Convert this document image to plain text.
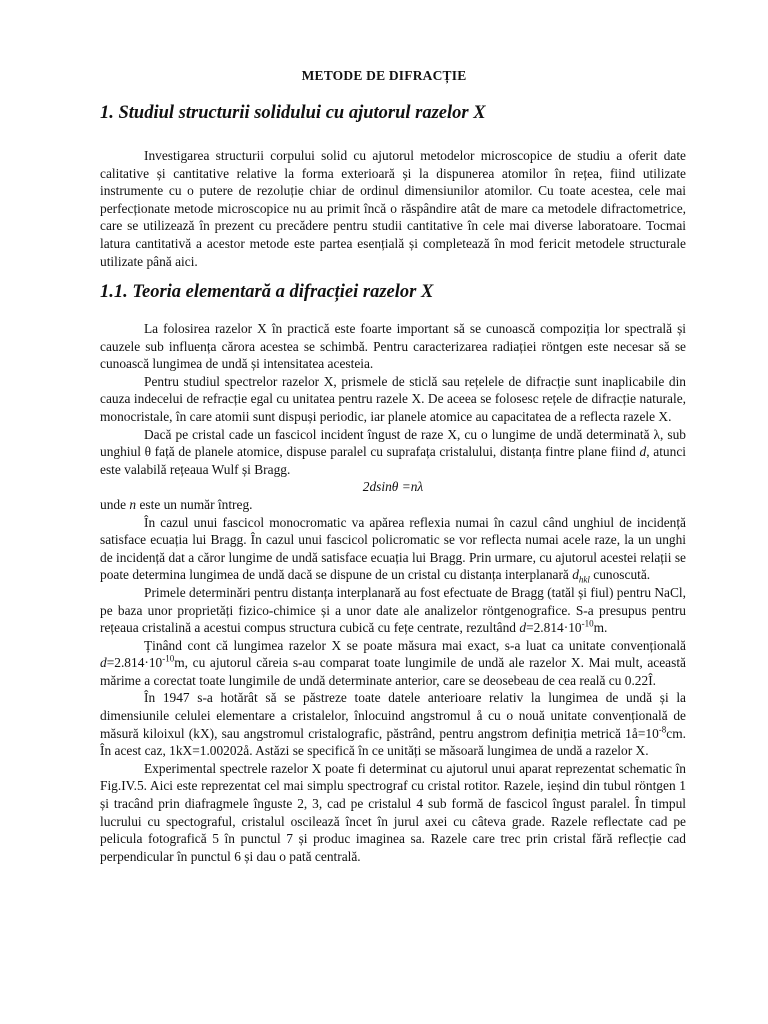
METODE DE DIFRACȚIE
1. Studiul structurii solidului cu ajutorul razelor X

Investigarea structurii corpului solid cu ajutorul metodelor microscopice de studiu a oferit date calitative și cantitative relative la forma exterioară și la dispunerea atomilor în rețea, fiind utilizate instrumente cu o putere de rezoluție chiar de ordinul dimensiunilor atomilor. Cu toate acestea, cele mai perfecționate metode microscopice nu au primit încă o răspândire atât de mare ca metodele difractometrice, care se utilizează în prezent cu precădere pentru studii cantitative în cele mai diverse laboratoare. Tocmai latura cantitativă a acestor metode este partea esențială și completează în mod fericit metodele structurale utilizate până aici.

1.1. Teoria elementară a difracției razelor X

La folosirea razelor X în practică este foarte important să se cunoască compoziția lor spectrală și cauzele sub influența cărora acestea se schimbă. Pentru caracterizarea radiației röntgen este necesar să se cunoască lungimea de undă și intensitatea acesteia.

Pentru studiul spectrelor razelor X, prismele de sticlă sau rețelele de difracție sunt inaplicabile din cauza indecelui de refracție egal cu unitatea pentru razele X. De aceea se folosesc rețele de difracție naturale, monocristale, în care atomii sunt dispuși periodic, iar planele atomice au capacitatea de a reflecta razele X.

Dacă pe cristal cade un fascicol incident îngust de raze X, cu o lungime de undă determinată λ, sub unghiul θ față de planele atomice, dispuse paralel cu suprafața cristalului, distanța fintre plane fiind d, atunci este valabilă rețeaua Wulf și Bragg.

2dsinθ =nλ

unde n este un număr întreg.

În cazul unui fascicol monocromatic va apărea reflexia numai în cazul când unghiul de incidență satisface ecuația lui Bragg. În cazul unui fascicol policromatic se vor reflecta numai acele raze, la un unghi de incidență dat a căror lungime de undă satisface ecuația lui Bragg. Prin urmare, cu ajutorul acestei relații se poate determina lungimea de undă dacă se dispune de un cristal cu distanța interplanară $d_{hkl}$ cunoscută.

Primele determinări pentru distanța interplanară au fost efectuate de Bragg (tatăl și fiul) pentru NaCl, pe baza unor proprietăți fizico-chimice și a unor date ale analizelor röntgenografice. S-a presupus pentru rețeaua cristalină a acestui compus structura cubică cu fețe centrate, rezultând $d=2.814\cdot 10^{-10}m$.

Ținând cont că lungimea razelor X se poate măsura mai exact, s-a luat ca unitate convențională $d=2.814\cdot 10^{-10}m$, cu ajutorul căreia s-au comparat toate lungimile de undă ale razelor X. Mai mult, această mărime a corectat toate lungimile de undă determinate anterior, care se deosebeau de cea reală cu 0.22Î.

În 1947 s-a hotărât să se păstreze toate datele anterioare relativ la lungimea de undă și la dimensiunile celulei elementare a cristalelor, înlocuind angstromul å cu o nouă unitate convențională de măsură kiloixul (kX), sau angstromul cristalografic, păstrând, pentru angstrom definiția metrică $1å=10^{-8}cm$. În acest caz, 1kX=1.00202å. Astăzi se specifică în ce unități se măsoară lungimea de undă a razelor X.

Experimental spectrele razelor X poate fi determinat cu ajutorul unui aparat reprezentat schematic în Fig.IV.5. Aici este reprezentat cel mai simplu spectrograf cu cristal rotitor. Razele, ieșind din tubul röntgen 1 și tracând prin diafragmele înguste 2, 3, cad pe cristalul 4 sub formă de fascicol îngust paralel. În timpul lucrului cu spectograful, cristalul oscilează încet în jurul axei cu câteva grade. Razele reflectate cad pe pelicula fotografică 5 în punctul 7 și produc imaginea sa. Razele care trec prin cristal fără reflecție cad perpendicular în punctul 6 și dau o pată centrală.
